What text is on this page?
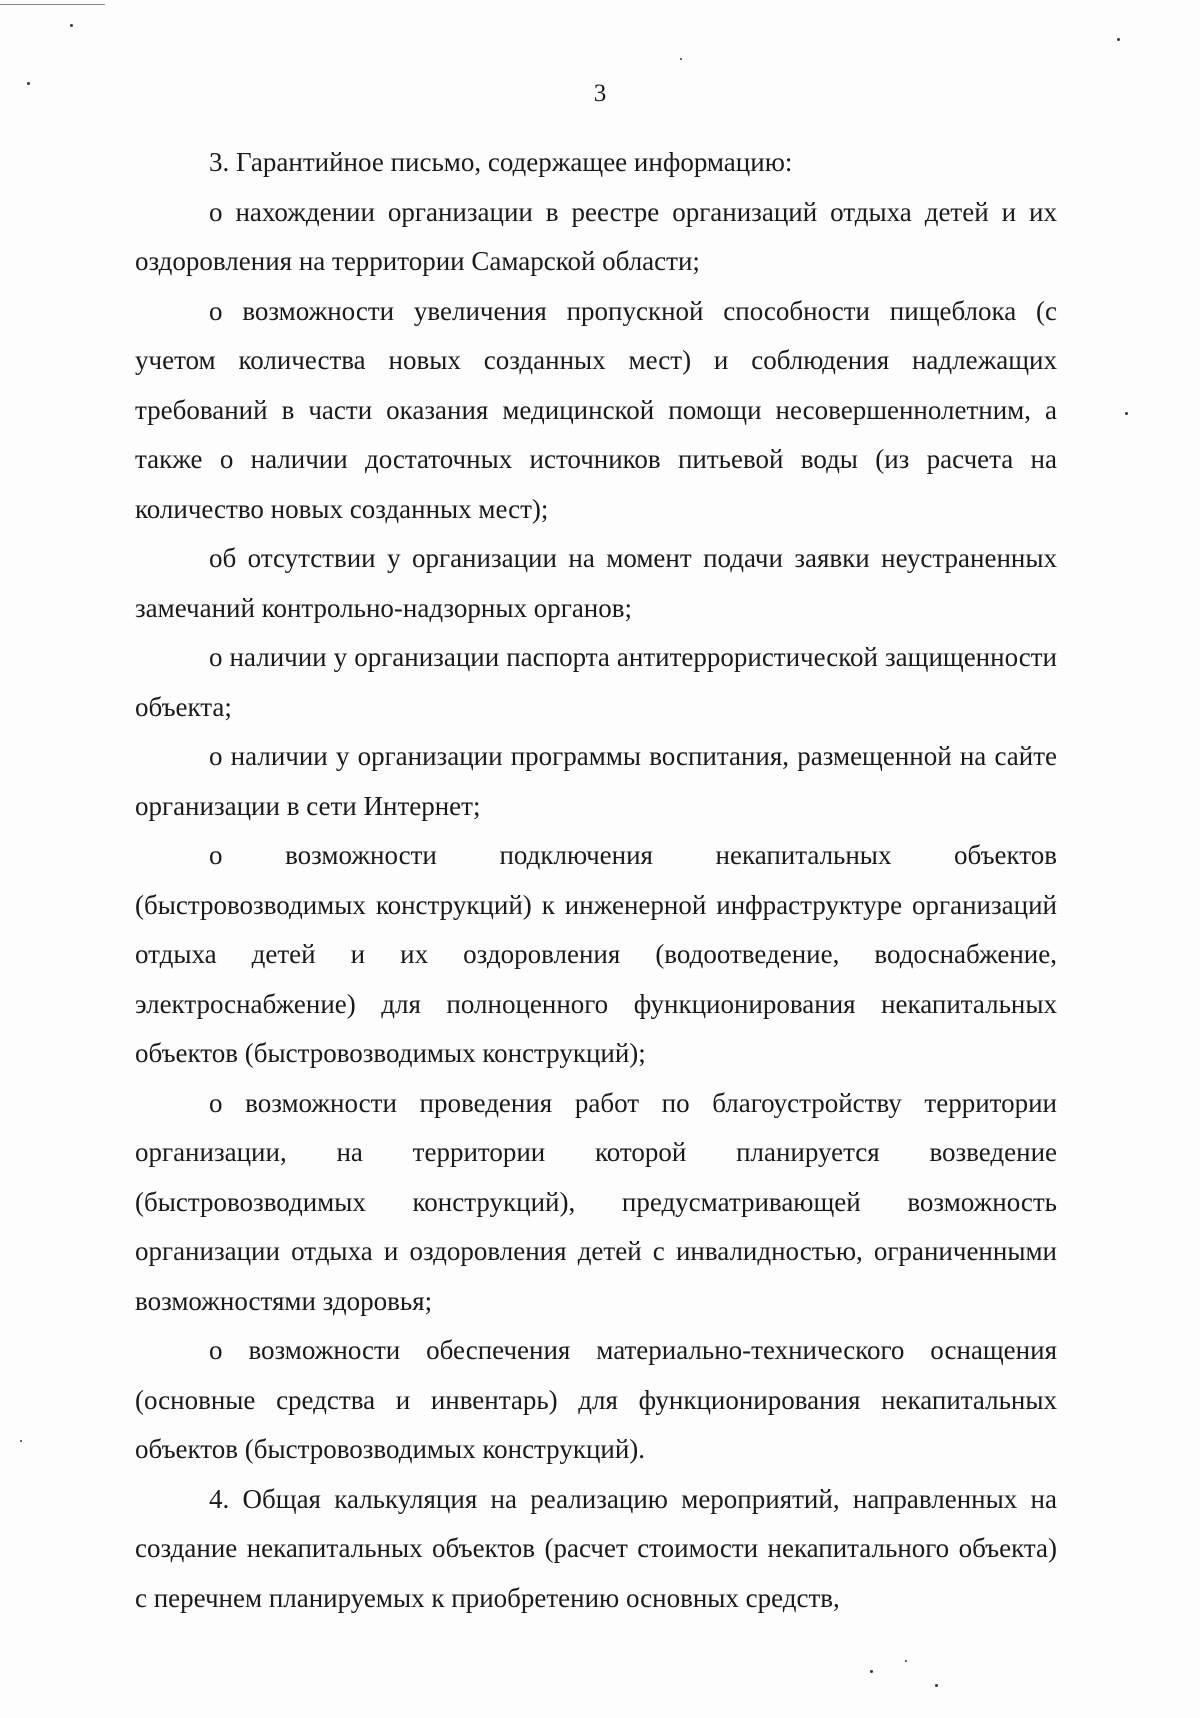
3

3. Гарантийное письмо, содержащее информацию:

о нахождении организации в реестре организаций отдыха детей и их оздоровления на территории Самарской области;

о возможности увеличения пропускной способности пищеблока (с учетом количества новых созданных мест) и соблюдения надлежащих требований в части оказания медицинской помощи несовершеннолетним, а также о наличии достаточных источников питьевой воды (из расчета на количество новых созданных мест);

об отсутствии у организации на момент подачи заявки неустраненных замечаний контрольно-надзорных органов;

о наличии у организации паспорта антитеррористической защищенности объекта;

о наличии у организации программы воспитания, размещенной на сайте организации в сети Интернет;

о возможности подключения некапитальных объектов (быстровозводимых конструкций) к инженерной инфраструктуре организаций отдыха детей и их оздоровления (водоотведение, водоснабжение, электроснабжение) для полноценного функционирования некапитальных объектов (быстровозводимых конструкций);

о возможности проведения работ по благоустройству территории организации, на территории которой планируется возведение (быстровозводимых конструкций), предусматривающей возможность организации отдыха и оздоровления детей с инвалидностью, ограниченными возможностями здоровья;

о возможности обеспечения материально-технического оснащения (основные средства и инвентарь) для функционирования некапитальных объектов (быстровозводимых конструкций).

4. Общая калькуляция на реализацию мероприятий, направленных на создание некапитальных объектов (расчет стоимости некапитального объекта) с перечнем планируемых к приобретению основных средств,
